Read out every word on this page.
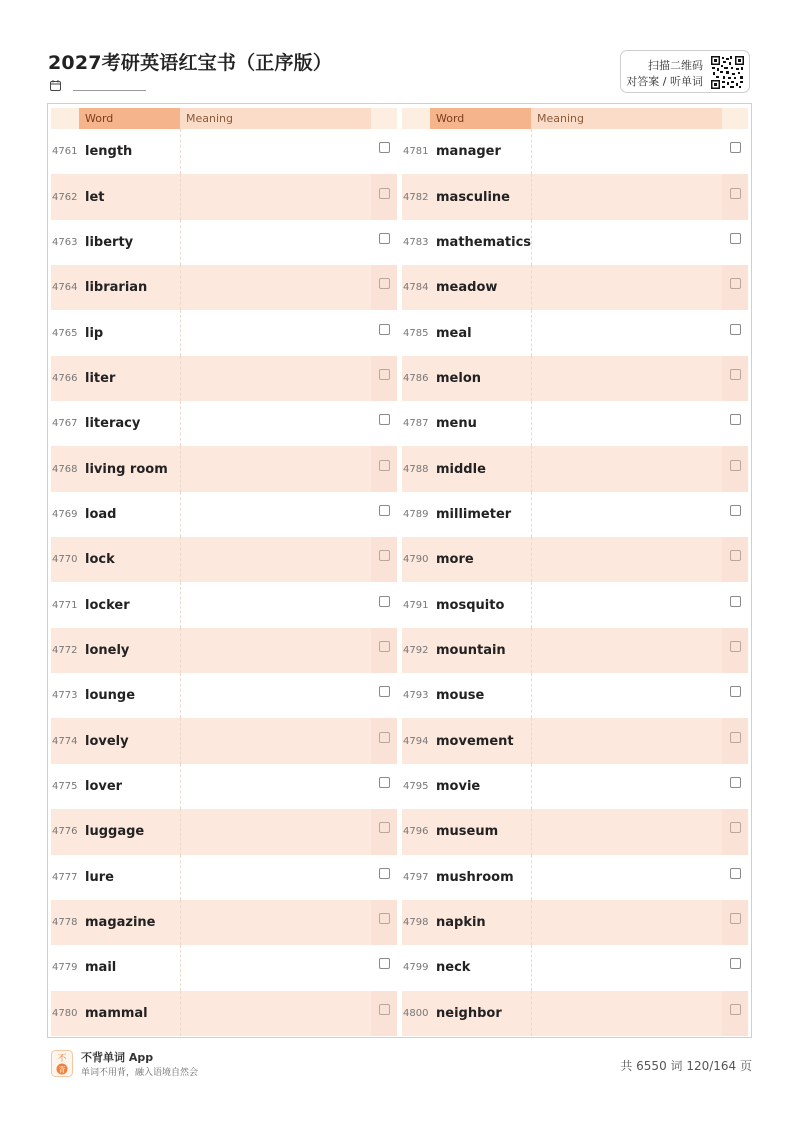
2027考研英语红宝书（正序版）	扫描二维码
对答案 / 听单词
Word	Meaning
4761 length
4762 let
4763 liberty
4764 librarian
4765 lip
4766 liter
4767 literacy
4768 living room
4769 load
4770 lock
4771 locker
4772 lonely
4773 lounge
4774 lovely
4775 lover
4776 luggage
4777 lure
4778 magazine
4779 mail
4780 mammal
Word	Meaning
4781 manager
4782 masculine
4783 mathematics
4784 meadow
4785 meal
4786 melon
4787 menu
4788 middle
4789 millimeter
4790 more
4791 mosquito
4792 mountain
4793 mouse
4794 movement
4795 movie
4796 museum
4797 mushroom
4798 napkin
4799 neck
4800 neighbor
不
背
不背单词 App
单词不用背，融入语境自然会	共 6550 词 120/164 页
